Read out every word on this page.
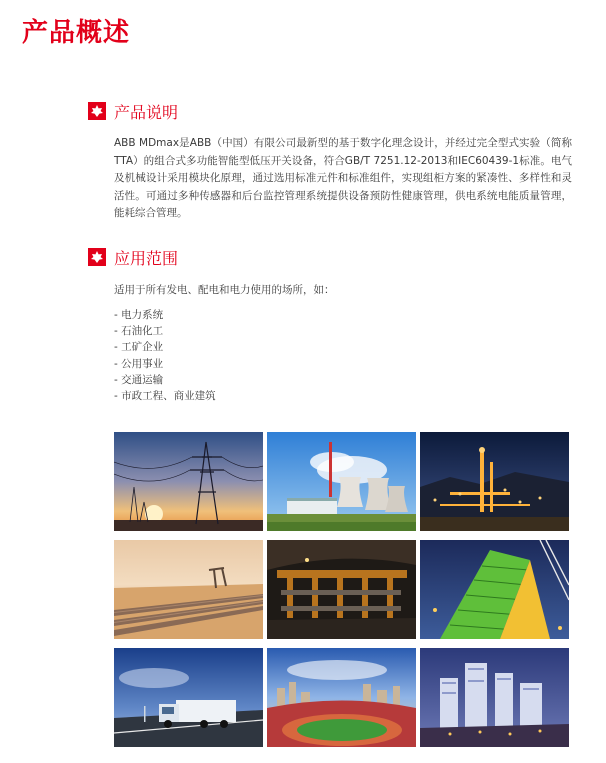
产品概述
产品说明

ABB MDmax是ABB（中国）有限公司最新型的基于数字化理念设计，并经过完全型式实验（简称TTA）的组合式多功能智能型低压开关设备，符合GB/T 7251.12-2013和IEC60439-1标准。电气及机械设计采用模块化原理，通过选用标准元件和标准组件，实现组柜方案的紧凑性、多样性和灵活性。可通过多种传感器和后台监控管理系统提供设备预防性健康管理，供电系统电能质量管理，能耗综合管理。

应用范围

适用于所有发电、配电和电力使用的场所，如：

- 电力系统
- 石油化工
- 工矿企业
- 公用事业
- 交通运输
- 市政工程、商业建筑
